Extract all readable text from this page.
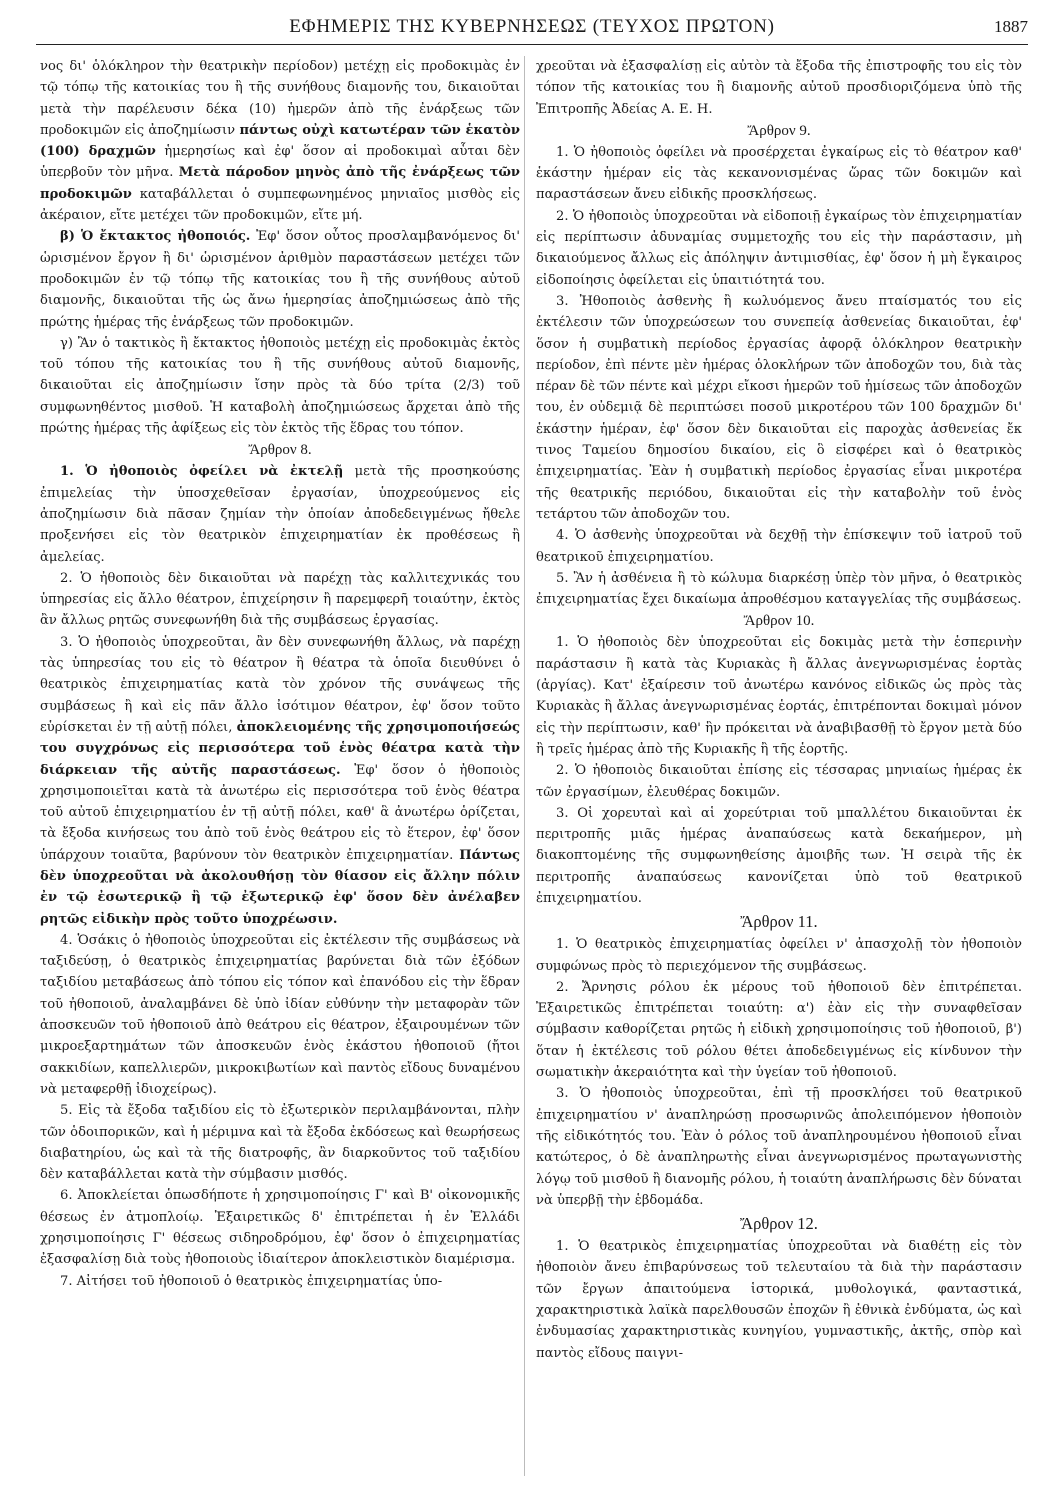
ΕΦΗΜΕΡΙΣ ΤΗΣ ΚΥΒΕΡΝΗΣΕΩΣ (ΤΕΥΧΟΣ ΠΡΩΤΟΝ)	1887

νος δι' ὁλόκληρον τὴν θεατρικὴν περίοδον) μετέχῃ εἰς προδοκιμὰς ἐν τῷ τόπῳ τῆς κατοικίας του ἢ τῆς συνήθους διαμονῆς του, δικαιοῦται μετὰ τὴν παρέλευσιν δέκα (10) ἡμερῶν ἀπὸ τῆς ἐνάρξεως τῶν προδοκιμῶν εἰς ἀποζημίωσιν πάντως οὐχὶ κατωτέραν τῶν ἑκατὸν (100) δραχμῶν ἡμερησίως καὶ ἐφ' ὅσον αἱ προδοκιμαὶ αὗται δὲν ὑπερβοῦν τὸν μῆνα. Μετὰ πάροδον μηνὸς ἀπὸ τῆς ἐνάρξεως τῶν προδοκιμῶν καταβάλλεται ὁ συμπεφωνημένος μηνιαῖος μισθὸς εἰς ἀκέραιον, εἴτε μετέχει τῶν προδοκιμῶν, εἴτε μή.

β) Ὁ ἔκτακτος ἠθοποιός. Ἐφ' ὅσον οὗτος προσλαμβανόμενος δι' ὡρισμένον ἔργον ἢ δι' ὡρισμένον ἀριθμὸν παραστάσεων μετέχει τῶν προδοκιμῶν ἐν τῷ τόπῳ τῆς κατοικίας του ἢ τῆς συνήθους αὐτοῦ διαμονῆς, δικαιοῦται τῆς ὡς ἄνω ἡμερησίας ἀποζημιώσεως ἀπὸ τῆς πρώτης ἡμέρας τῆς ἐνάρξεως τῶν προδοκιμῶν.

γ) Ἂν ὁ τακτικὸς ἢ ἔκτακτος ἠθοποιὸς μετέχῃ εἰς προδοκιμὰς ἐκτὸς τοῦ τόπου τῆς κατοικίας του ἢ τῆς συνήθους αὐτοῦ διαμονῆς, δικαιοῦται εἰς ἀποζημίωσιν ἴσην πρὸς τὰ δύο τρίτα (2/3) τοῦ συμφωνηθέντος μισθοῦ. Ἡ καταβολὴ ἀποζημιώσεως ἄρχεται ἀπὸ τῆς πρώτης ἡμέρας τῆς ἀφίξεως εἰς τὸν ἐκτὸς τῆς ἕδρας του τόπον.

Ἄρθρον 8.

1. Ὁ ἠθοποιὸς ὀφείλει νὰ ἐκτελῇ μετὰ τῆς προσηκούσης ἐπιμελείας τὴν ὑποσχεθεῖσαν ἐργασίαν, ὑποχρεούμενος εἰς ἀποζημίωσιν διὰ πᾶσαν ζημίαν τὴν ὁποίαν ἀποδεδειγμένως ἤθελε προξενήσει εἰς τὸν θεατρικὸν ἐπιχειρηματίαν ἐκ προθέσεως ἢ ἀμελείας.

2. Ὁ ἠθοποιὸς δὲν δικαιοῦται νὰ παρέχῃ τὰς καλλιτεχνικάς του ὑπηρεσίας εἰς ἄλλο θέατρον, ἐπιχείρησιν ἢ παρεμφερῆ τοιαύτην, ἐκτὸς ἂν ἄλλως ρητῶς συνεφωνήθη διὰ τῆς συμβάσεως ἐργασίας.

3. Ὁ ἠθοποιὸς ὑποχρεοῦται, ἂν δὲν συνεφωνήθη ἄλλως, νὰ παρέχῃ τὰς ὑπηρεσίας του εἰς τὸ θέατρον ἢ θέατρα τὰ ὁποῖα διευθύνει ὁ θεατρικὸς ἐπιχειρηματίας κατὰ τὸν χρόνον τῆς συνάψεως τῆς συμβάσεως ἢ καὶ εἰς πᾶν ἄλλο ἰσότιμον θέατρον, ἐφ' ὅσον τοῦτο εὑρίσκεται ἐν τῇ αὐτῇ πόλει, ἀποκλειομένης τῆς χρησιμοποιήσεώς του συγχρόνως εἰς περισσότερα τοῦ ἑνὸς θέατρα κατὰ τὴν διάρκειαν τῆς αὐτῆς παραστάσεως. Ἐφ' ὅσον ὁ ἠθοποιὸς χρησιμοποιεῖται κατὰ τὰ ἀνωτέρω εἰς περισσότερα τοῦ ἑνὸς θέατρα τοῦ αὐτοῦ ἐπιχειρηματίου ἐν τῇ αὐτῇ πόλει, καθ' ἃ ἀνωτέρω ὁρίζεται, τὰ ἔξοδα κινήσεως του ἀπὸ τοῦ ἑνὸς θεάτρου εἰς τὸ ἕτερον, ἐφ' ὅσον ὑπάρχουν τοιαῦτα, βαρύνουν τὸν θεατρικὸν ἐπιχειρηματίαν. Πάντως δὲν ὑποχρεοῦται νὰ ἀκολουθήσῃ τὸν θίασον εἰς ἄλλην πόλιν ἐν τῷ ἐσωτερικῷ ἢ τῷ ἐξωτερικῷ ἐφ' ὅσον δὲν ἀνέλαβεν ρητῶς εἰδικὴν πρὸς τοῦτο ὑποχρέωσιν.

4. Ὁσάκις ὁ ἠθοποιὸς ὑποχρεοῦται εἰς ἐκτέλεσιν τῆς συμβάσεως νὰ ταξιδεύσῃ, ὁ θεατρικὸς ἐπιχειρηματίας βαρύνεται διὰ τῶν ἐξόδων ταξιδίου μεταβάσεως ἀπὸ τόπου εἰς τόπον καὶ ἐπανόδου εἰς τὴν ἕδραν τοῦ ἠθοποιοῦ, ἀναλαμβάνει δὲ ὑπὸ ἰδίαν εὐθύνην τὴν μεταφορὰν τῶν ἀποσκευῶν τοῦ ἠθοποιοῦ ἀπὸ θεάτρου εἰς θέατρον, ἐξαιρουμένων τῶν μικροεξαρτημάτων τῶν ἀποσκευῶν ἑνὸς ἑκάστου ἠθοποιοῦ (ἤτοι σακκιδίων, καπελλιερῶν, μικροκιβωτίων καὶ παντὸς εἴδους δυναμένου νὰ μεταφερθῇ ἰδιοχείρως).

5. Εἰς τὰ ἔξοδα ταξιδίου εἰς τὸ ἐξωτερικὸν περιλαμβάνονται, πλὴν τῶν ὁδοιπορικῶν, καὶ ἡ μέριμνα καὶ τὰ ἔξοδα ἐκδόσεως καὶ θεωρήσεως διαβατηρίου, ὡς καὶ τὰ τῆς διατροφῆς, ἂν διαρκοῦντος τοῦ ταξιδίου δὲν καταβάλλεται κατὰ τὴν σύμβασιν μισθός.

6. Ἀποκλείεται ὁπωσδήποτε ἡ χρησιμοποίησις Γ' καὶ Β' οἰκονομικῆς θέσεως ἐν ἀτμοπλοίῳ. Ἐξαιρετικῶς δ' ἐπιτρέπεται ἡ ἐν Ἑλλάδι χρησιμοποίησις Γ' θέσεως σιδηροδρόμου, ἐφ' ὅσον ὁ ἐπιχειρηματίας ἐξασφαλίσῃ διὰ τοὺς ἠθοποιοὺς ἰδιαίτερον ἀποκλειστικὸν διαμέρισμα.

7. Αἰτήσει τοῦ ἠθοποιοῦ ὁ θεατρικὸς ἐπιχειρηματίας ὑπο-

χρεοῦται νὰ ἐξασφαλίσῃ εἰς αὐτὸν τὰ ἔξοδα τῆς ἐπιστροφῆς του εἰς τὸν τόπον τῆς κατοικίας του ἢ διαμονῆς αὐτοῦ προσδιοριζόμενα ὑπὸ τῆς Ἐπιτροπῆς Ἀδείας Α. Ε. Η.

Ἄρθρον 9.

1. Ὁ ἠθοποιὸς ὀφείλει νὰ προσέρχεται ἐγκαίρως εἰς τὸ θέατρον καθ' ἑκάστην ἡμέραν εἰς τὰς κεκανονισμένας ὥρας τῶν δοκιμῶν καὶ παραστάσεων ἄνευ εἰδικῆς προσκλήσεως.

2. Ὁ ἠθοποιὸς ὑποχρεοῦται νὰ εἰδοποιῇ ἐγκαίρως τὸν ἐπιχειρηματίαν εἰς περίπτωσιν ἀδυναμίας συμμετοχῆς του εἰς τὴν παράστασιν, μὴ δικαιούμενος ἄλλως εἰς ἀπόληψιν ἀντιμισθίας, ἐφ' ὅσον ἡ μὴ ἔγκαιρος εἰδοποίησις ὀφείλεται εἰς ὑπαιτιότητά του.

3. Ἠθοποιὸς ἀσθενὴς ἢ κωλυόμενος ἄνευ πταίσματός του εἰς ἐκτέλεσιν τῶν ὑποχρεώσεων του συνεπείᾳ ἀσθενείας δικαιοῦται, ἐφ' ὅσον ἡ συμβατικὴ περίοδος ἐργασίας ἀφορᾷ ὁλόκληρον θεατρικὴν περίοδον, ἐπὶ πέντε μὲν ἡμέρας ὁλοκλήρων τῶν ἀποδοχῶν του, διὰ τὰς πέραν δὲ τῶν πέντε καὶ μέχρι εἴκοσι ἡμερῶν τοῦ ἡμίσεως τῶν ἀποδοχῶν του, ἐν οὐδεμιᾷ δὲ περιπτώσει ποσοῦ μικροτέρου τῶν 100 δραχμῶν δι' ἑκάστην ἡμέραν, ἐφ' ὅσον δὲν δικαιοῦται εἰς παροχὰς ἀσθενείας ἔκ τινος Ταμείου δημοσίου δικαίου, εἰς ὃ εἰσφέρει καὶ ὁ θεατρικὸς ἐπιχειρηματίας. Ἐὰν ἡ συμβατικὴ περίοδος ἐργασίας εἶναι μικροτέρα τῆς θεατρικῆς περιόδου, δικαιοῦται εἰς τὴν καταβολὴν τοῦ ἑνὸς τετάρτου τῶν ἀποδοχῶν του.

4. Ὁ ἀσθενὴς ὑποχρεοῦται νὰ δεχθῇ τὴν ἐπίσκεψιν τοῦ ἰατροῦ τοῦ θεατρικοῦ ἐπιχειρηματίου.

5. Ἂν ἡ ἀσθένεια ἢ τὸ κώλυμα διαρκέσῃ ὑπὲρ τὸν μῆνα, ὁ θεατρικὸς ἐπιχειρηματίας ἔχει δικαίωμα ἀπροθέσμου καταγγελίας τῆς συμβάσεως.

Ἄρθρον 10.

1. Ὁ ἠθοποιὸς δὲν ὑποχρεοῦται εἰς δοκιμὰς μετὰ τὴν ἑσπερινὴν παράστασιν ἢ κατὰ τὰς Κυριακὰς ἢ ἄλλας ἀνεγνωρισμένας ἑορτὰς (ἀργίας). Κατ' ἐξαίρεσιν τοῦ ἀνωτέρω κανόνος εἰδικῶς ὡς πρὸς τὰς Κυριακὰς ἢ ἄλλας ἀνεγνωρισμένας ἑορτάς, ἐπιτρέπονται δοκιμαὶ μόνον εἰς τὴν περίπτωσιν, καθ' ἣν πρόκειται νὰ ἀναβιβασθῇ τὸ ἔργον μετὰ δύο ἢ τρεῖς ἡμέρας ἀπὸ τῆς Κυριακῆς ἢ τῆς ἑορτῆς.

2. Ὁ ἠθοποιὸς δικαιοῦται ἐπίσης εἰς τέσσαρας μηνιαίως ἡμέρας ἐκ τῶν ἐργασίμων, ἐλευθέρας δοκιμῶν.

3. Οἱ χορευταὶ καὶ αἱ χορεύτριαι τοῦ μπαλλέτου δικαιοῦνται ἐκ περιτροπῆς μιᾶς ἡμέρας ἀναπαύσεως κατὰ δεκαήμερον, μὴ διακοπτομένης τῆς συμφωνηθείσης ἀμοιβῆς των. Ἡ σειρὰ τῆς ἐκ περιτροπῆς ἀναπαύσεως κανονίζεται ὑπὸ τοῦ θεατρικοῦ ἐπιχειρηματίου.

Ἄρθρον 11.

1. Ὁ θεατρικὸς ἐπιχειρηματίας ὀφείλει ν' ἀπασχολῇ τὸν ἠθοποιὸν συμφώνως πρὸς τὸ περιεχόμενον τῆς συμβάσεως.

2. Ἄρνησις ρόλου ἐκ μέρους τοῦ ἠθοποιοῦ δὲν ἐπιτρέπεται. Ἐξαιρετικῶς ἐπιτρέπεται τοιαύτη: α') ἐὰν εἰς τὴν συναφθεῖσαν σύμβασιν καθορίζεται ρητῶς ἡ εἰδικὴ χρησιμοποίησις τοῦ ἠθοποιοῦ, β') ὅταν ἡ ἐκτέλεσις τοῦ ρόλου θέτει ἀποδεδειγμένως εἰς κίνδυνον τὴν σωματικὴν ἀκεραιότητα καὶ τὴν ὑγείαν τοῦ ἠθοποιοῦ.

3. Ὁ ἠθοποιὸς ὑποχρεοῦται, ἐπὶ τῇ προσκλήσει τοῦ θεατρικοῦ ἐπιχειρηματίου ν' ἀναπληρώσῃ προσωρινῶς ἀπολειπόμενον ἠθοποιὸν τῆς εἰδικότητός του. Ἐὰν ὁ ρόλος τοῦ ἀναπληρουμένου ἠθοποιοῦ εἶναι κατώτερος, ὁ δὲ ἀναπληρωτὴς εἶναι ἀνεγνωρισμένος πρωταγωνιστὴς λόγῳ τοῦ μισθοῦ ἢ διανομῆς ρόλου, ἡ τοιαύτη ἀναπλήρωσις δὲν δύναται νὰ ὑπερβῇ τὴν ἑβδομάδα.

Ἄρθρον 12.

1. Ὁ θεατρικὸς ἐπιχειρηματίας ὑποχρεοῦται νὰ διαθέτῃ εἰς τὸν ἠθοποιὸν ἄνευ ἐπιβαρύνσεως τοῦ τελευταίου τὰ διὰ τὴν παράστασιν τῶν ἔργων ἀπαιτούμενα ἱστορικά, μυθολογικά, φανταστικά, χαρακτηριστικὰ λαϊκὰ παρελθουσῶν ἐποχῶν ἢ ἐθνικὰ ἐνδύματα, ὡς καὶ ἐνδυμασίας χαρακτηριστικὰς κυνηγίου, γυμναστικῆς, ἀκτῆς, σπὸρ καὶ παντὸς εἴδους παιγνι-
